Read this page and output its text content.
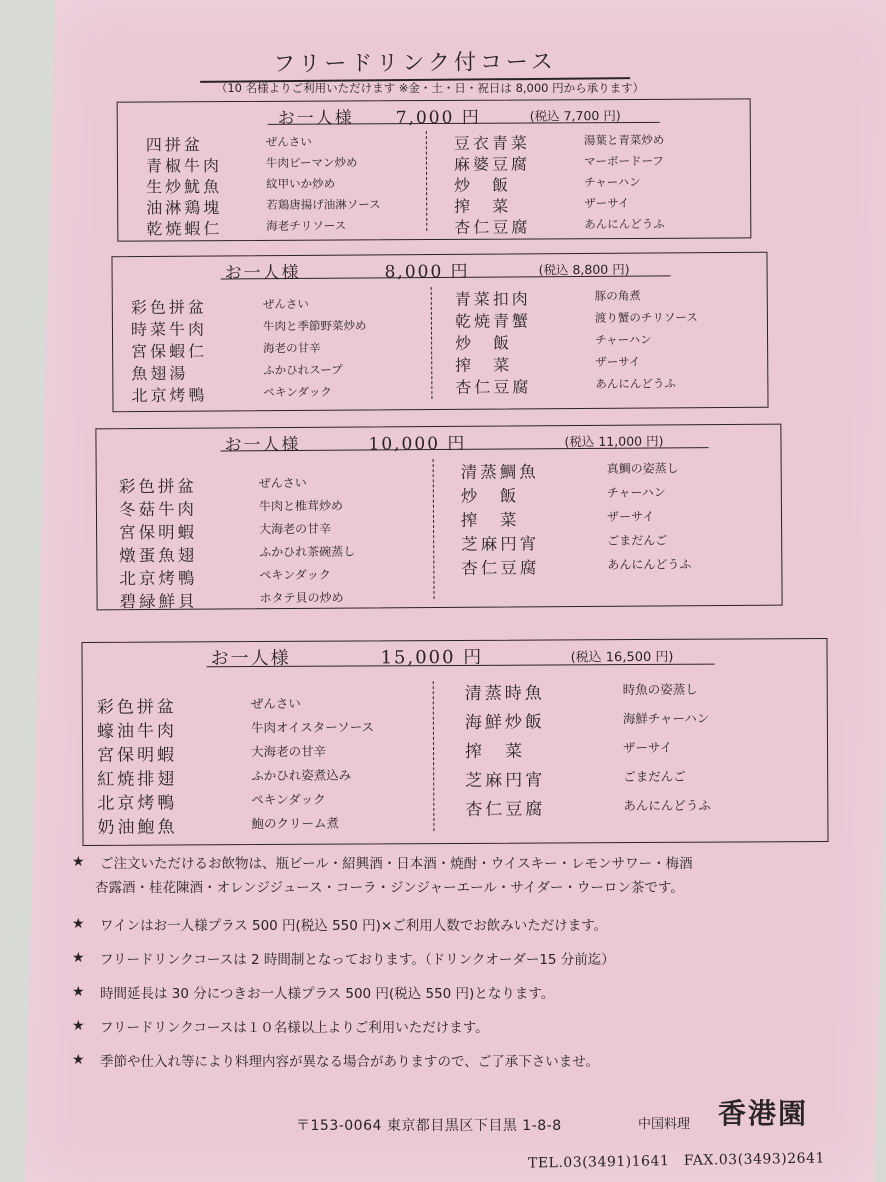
フリードリンク付コース
（10 名様よりご利用いただけます ※金・土・日・祝日は 8,000 円から承ります）
お一人様 7,000 円	(税込 7,700 円)
四拼盆	ぜんさい
青椒牛肉	牛肉ピーマン炒め
生炒魷魚	紋甲いか炒め
油淋鶏塊	若鶏唐揚げ油淋ソース
乾焼蝦仁	海老チリソース
豆衣青菜	湯葉と青菜炒め
麻婆豆腐	マーボードーフ
炒　飯	チャーハン
搾　菜	ザーサイ
杏仁豆腐	あんにんどうふ
お一人様	8,000 円	(税込 8,800 円)
彩色拼盆	ぜんさい
時菜牛肉	牛肉と季節野菜炒め
宮保蝦仁	海老の甘辛
魚翅湯	ふかひれスープ
北京烤鴨	ペキンダック
青菜扣肉	豚の角煮
乾焼青蟹	渡り蟹のチリソース
炒　飯	チャーハン
搾　菜	ザーサイ
杏仁豆腐	あんにんどうふ
お一人様	10,000 円	(税込 11,000 円)
彩色拼盆	ぜんさい
冬菇牛肉	牛肉と椎茸炒め
宮保明蝦	大海老の甘辛
燉蛋魚翅	ふかひれ茶碗蒸し
北京烤鴨	ペキンダック
碧緑鮮貝	ホタテ貝の炒め
清蒸鯛魚	真鯛の姿蒸し
炒　飯	チャーハン
搾　菜	ザーサイ
芝麻円宵	ごまだんご
杏仁豆腐	あんにんどうふ
お一人様	15,000 円	(税込 16,500 円)
彩色拼盆	ぜんさい
蠔油牛肉	牛肉オイスターソース
宮保明蝦	大海老の甘辛
紅焼排翅	ふかひれ姿煮込み
北京烤鴨	ペキンダック
奶油鮑魚	鮑のクリーム煮
清蒸時魚	時魚の姿蒸し
海鮮炒飯	海鮮チャーハン
搾　菜	ザーサイ
芝麻円宵	ごまだんご
杏仁豆腐	あんにんどうふ
★ ご注文いただけるお飲物は、瓶ビール・紹興酒・日本酒・焼酎・ウイスキー・レモンサワー・梅酒
杏露酒・桂花陳酒・オレンジジュース・コーラ・ジンジャーエール・サイダー・ウーロン茶です。
★ ワインはお一人様プラス 500 円(税込 550 円)×ご利用人数でお飲みいただけます。
★ フリードリンクコースは 2 時間制となっております。（ドリンクオーダー15 分前迄）
★ 時間延長は 30 分につきお一人様プラス 500 円(税込 550 円)となります。
★ フリードリンクコースは１０名様以上よりご利用いただけます。
★ 季節や仕入れ等により料理内容が異なる場合がありますので、ご了承下さいませ。
〒153-0064 東京都目黒区下目黒 1-8-8	中国料理 香港園
TEL.03(3491)1641　FAX.03(3493)2641
